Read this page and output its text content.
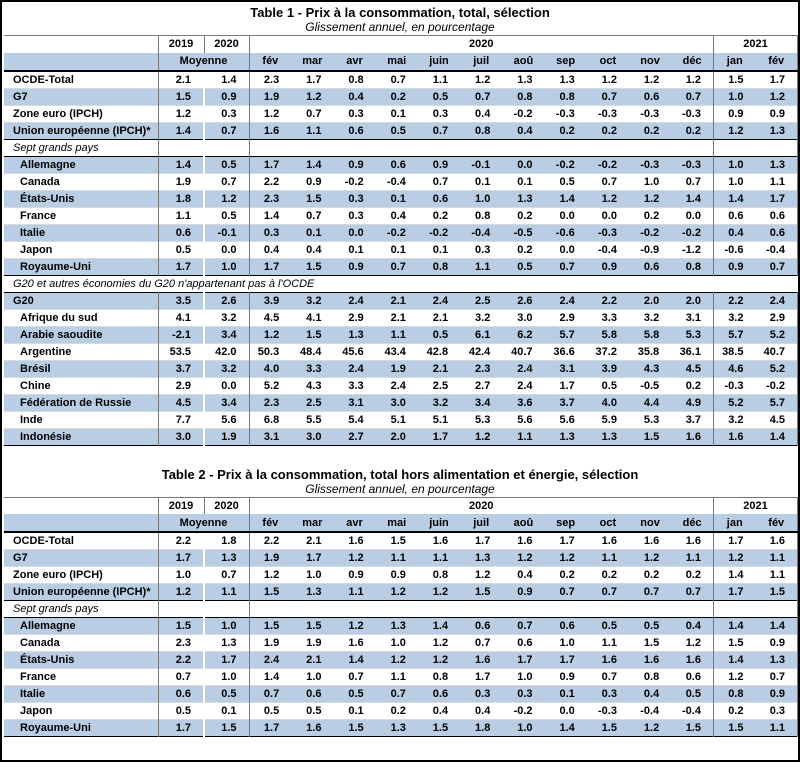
Table 1 - Prix à la consommation, total, sélection
Glissement annuel, en pourcentage
	2019	2020	2020											2021	
	Moyenne		fév	mar	avr	mai	juin	juil	aoû	sep	oct	nov	déc	jan	fév
OCDE-Total	2.1	1.4	2.3	1.7	0.8	0.7	1.1	1.2	1.3	1.3	1.2	1.2	1.2	1.5	1.7
G7	1.5	0.9	1.9	1.2	0.4	0.2	0.5	0.7	0.8	0.8	0.7	0.6	0.7	1.0	1.2
Zone euro (IPCH)	1.2	0.3	1.2	0.7	0.3	0.1	0.3	0.4	-0.2	-0.3	-0.3	-0.3	-0.3	0.9	0.9
Union européenne (IPCH)*	1.4	0.7	1.6	1.1	0.6	0.5	0.7	0.8	0.4	0.2	0.2	0.2	0.2	1.2	1.3
Sept grands pays															
Allemagne	1.4	0.5	1.7	1.4	0.9	0.6	0.9	-0.1	0.0	-0.2	-0.2	-0.3	-0.3	1.0	1.3
Canada	1.9	0.7	2.2	0.9	-0.2	-0.4	0.7	0.1	0.1	0.5	0.7	1.0	0.7	1.0	1.1
États-Unis	1.8	1.2	2.3	1.5	0.3	0.1	0.6	1.0	1.3	1.4	1.2	1.2	1.4	1.4	1.7
France	1.1	0.5	1.4	0.7	0.3	0.4	0.2	0.8	0.2	0.0	0.0	0.2	0.0	0.6	0.6
Italie	0.6	-0.1	0.3	0.1	0.0	-0.2	-0.2	-0.4	-0.5	-0.6	-0.3	-0.2	-0.2	0.4	0.6
Japon	0.5	0.0	0.4	0.4	0.1	0.1	0.1	0.3	0.2	0.0	-0.4	-0.9	-1.2	-0.6	-0.4
Royaume-Uni	1.7	1.0	1.7	1.5	0.9	0.7	0.8	1.1	0.5	0.7	0.9	0.6	0.8	0.9	0.7
G20 et autres économies du G20 n'appartenant pas à l'OCDE															
G20	3.5	2.6	3.9	3.2	2.4	2.1	2.4	2.5	2.6	2.4	2.2	2.0	2.0	2.2	2.4
Afrique du sud	4.1	3.2	4.5	4.1	2.9	2.1	2.1	3.2	3.0	2.9	3.3	3.2	3.1	3.2	2.9
Arabie saoudite	-2.1	3.4	1.2	1.5	1.3	1.1	0.5	6.1	6.2	5.7	5.8	5.8	5.3	5.7	5.2
Argentine	53.5	42.0	50.3	48.4	45.6	43.4	42.8	42.4	40.7	36.6	37.2	35.8	36.1	38.5	40.7
Brésil	3.7	3.2	4.0	3.3	2.4	1.9	2.1	2.3	2.4	3.1	3.9	4.3	4.5	4.6	5.2
Chine	2.9	0.0	5.2	4.3	3.3	2.4	2.5	2.7	2.4	1.7	0.5	-0.5	0.2	-0.3	-0.2
Fédération de Russie	4.5	3.4	2.3	2.5	3.1	3.0	3.2	3.4	3.6	3.7	4.0	4.4	4.9	5.2	5.7
Inde	7.7	5.6	6.8	5.5	5.4	5.1	5.1	5.3	5.6	5.6	5.9	5.3	3.7	3.2	4.5
Indonésie	3.0	1.9	3.1	3.0	2.7	2.0	1.7	1.2	1.1	1.3	1.3	1.5	1.6	1.6	1.4
Table 2 - Prix à la consommation, total hors alimentation et énergie, sélection
Glissement annuel, en pourcentage
	2019	2020	2020											2021	
	Moyenne		fév	mar	avr	mai	juin	juil	aoû	sep	oct	nov	déc	jan	fév
OCDE-Total	2.2	1.8	2.2	2.1	1.6	1.5	1.6	1.7	1.6	1.7	1.6	1.6	1.6	1.7	1.6
G7	1.7	1.3	1.9	1.7	1.2	1.1	1.1	1.3	1.2	1.2	1.1	1.2	1.1	1.2	1.1
Zone euro (IPCH)	1.0	0.7	1.2	1.0	0.9	0.9	0.8	1.2	0.4	0.2	0.2	0.2	0.2	1.4	1.1
Union européenne (IPCH)*	1.2	1.1	1.5	1.3	1.1	1.2	1.2	1.5	0.9	0.7	0.7	0.7	0.7	1.7	1.5
Sept grands pays															
Allemagne	1.5	1.0	1.5	1.5	1.2	1.3	1.4	0.6	0.7	0.6	0.5	0.5	0.4	1.4	1.4
Canada	2.3	1.3	1.9	1.9	1.6	1.0	1.2	0.7	0.6	1.0	1.1	1.5	1.2	1.5	0.9
États-Unis	2.2	1.7	2.4	2.1	1.4	1.2	1.2	1.6	1.7	1.7	1.6	1.6	1.6	1.4	1.3
France	0.7	1.0	1.4	1.0	0.7	1.1	0.8	1.7	1.0	0.9	0.7	0.8	0.6	1.2	0.7
Italie	0.6	0.5	0.7	0.6	0.5	0.7	0.6	0.3	0.3	0.1	0.3	0.4	0.5	0.8	0.9
Japon	0.5	0.1	0.5	0.5	0.1	0.2	0.4	0.4	-0.2	0.0	-0.3	-0.4	-0.4	0.2	0.3
Royaume-Uni	1.7	1.5	1.7	1.6	1.5	1.3	1.5	1.8	1.0	1.4	1.5	1.2	1.5	1.5	1.1
